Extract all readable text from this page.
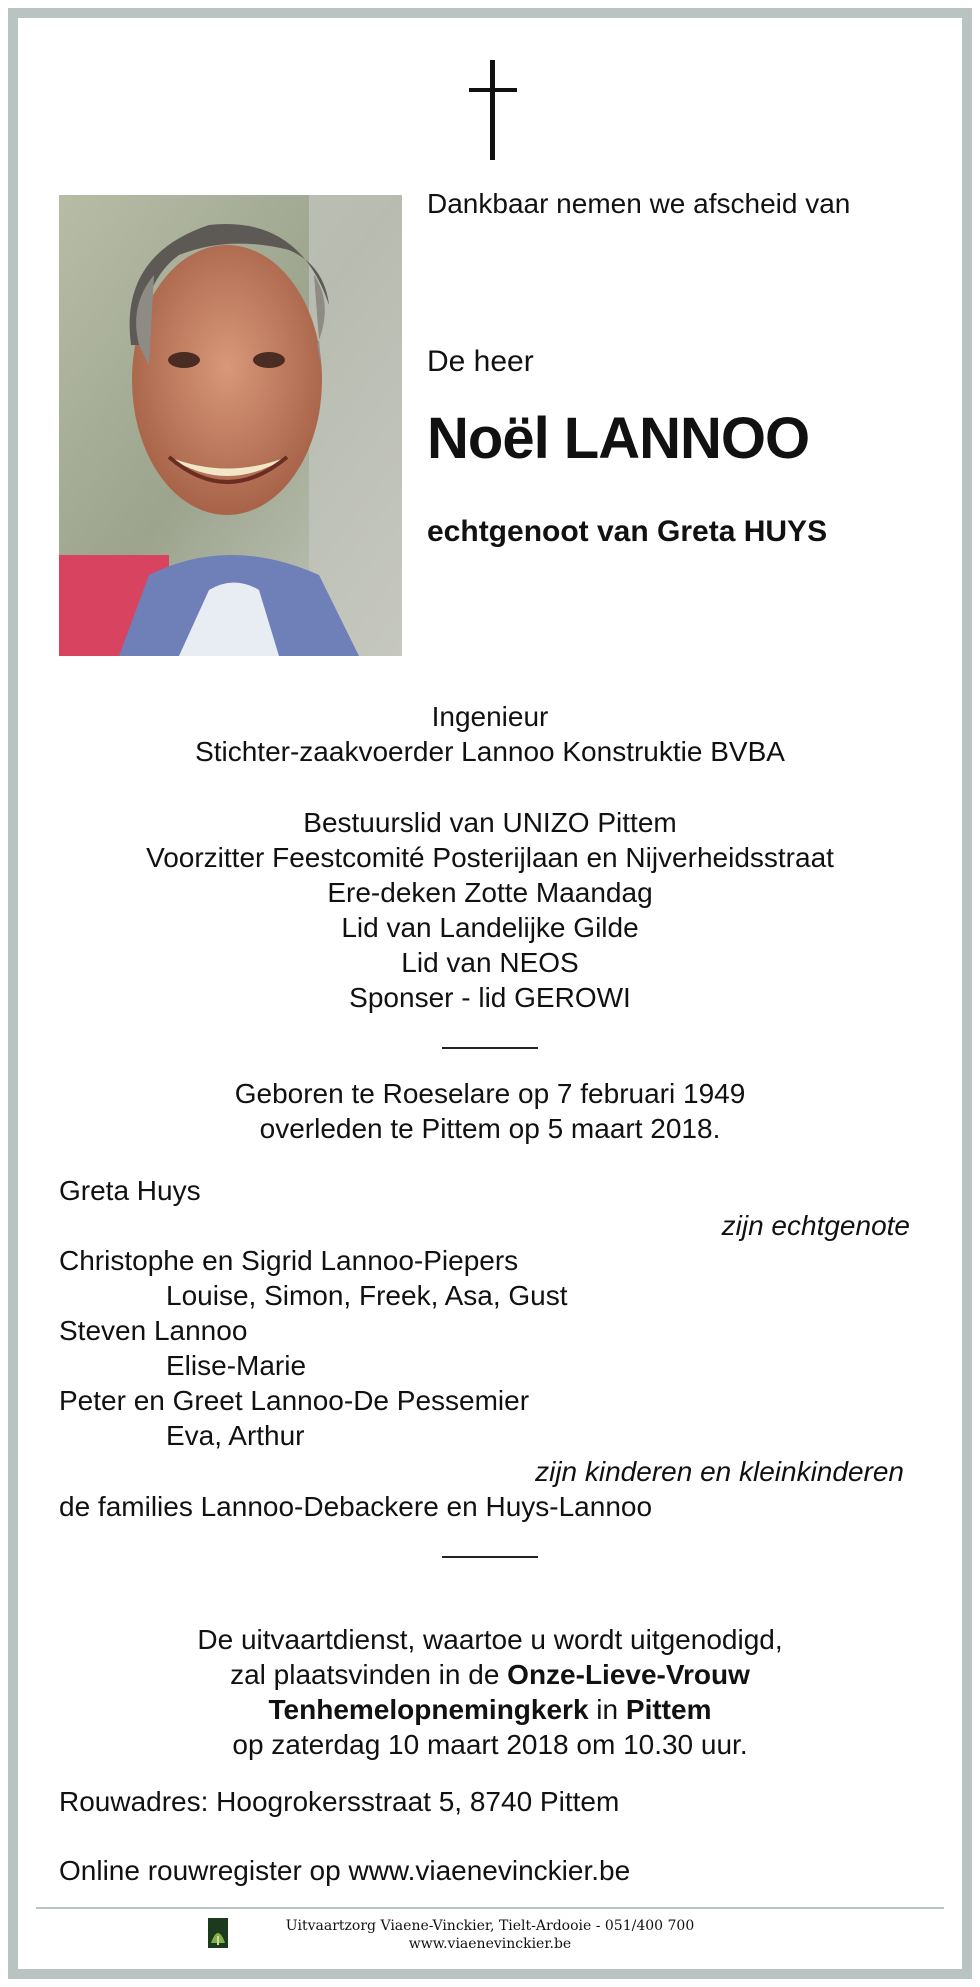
Dankbaar nemen we afscheid van
De heer
Noël LANNOO
echtgenoot van Greta HUYS
Ingenieur
Stichter-zaakvoerder Lannoo Konstruktie BVBA
Bestuurslid van UNIZO Pittem
Voorzitter Feestcomité Posterijlaan en Nijverheidsstraat
Ere-deken Zotte Maandag
Lid van Landelijke Gilde
Lid van NEOS
Sponser - lid GEROWI
Geboren te Roeselare op 7 februari 1949
overleden te Pittem op 5 maart 2018.
Greta Huys
zijn echtgenote
Christophe en Sigrid Lannoo-Piepers
Louise, Simon, Freek, Asa, Gust
Steven Lannoo
Elise-Marie
Peter en Greet Lannoo-De Pessemier
Eva, Arthur
zijn kinderen en kleinkinderen
de families Lannoo-Debackere en Huys-Lannoo
De uitvaartdienst, waartoe u wordt uitgenodigd,
zal plaatsvinden in de Onze-Lieve-Vrouw
Tenhemelopnemingkerk in Pittem
op zaterdag 10 maart 2018 om 10.30 uur.
Rouwadres: Hoogrokersstraat 5, 8740 Pittem
Online rouwregister op www.viaenevinckier.be
Uitvaartzorg Viaene-Vinckier, Tielt-Ardooie - 051/400 700
www.viaenevinckier.be
